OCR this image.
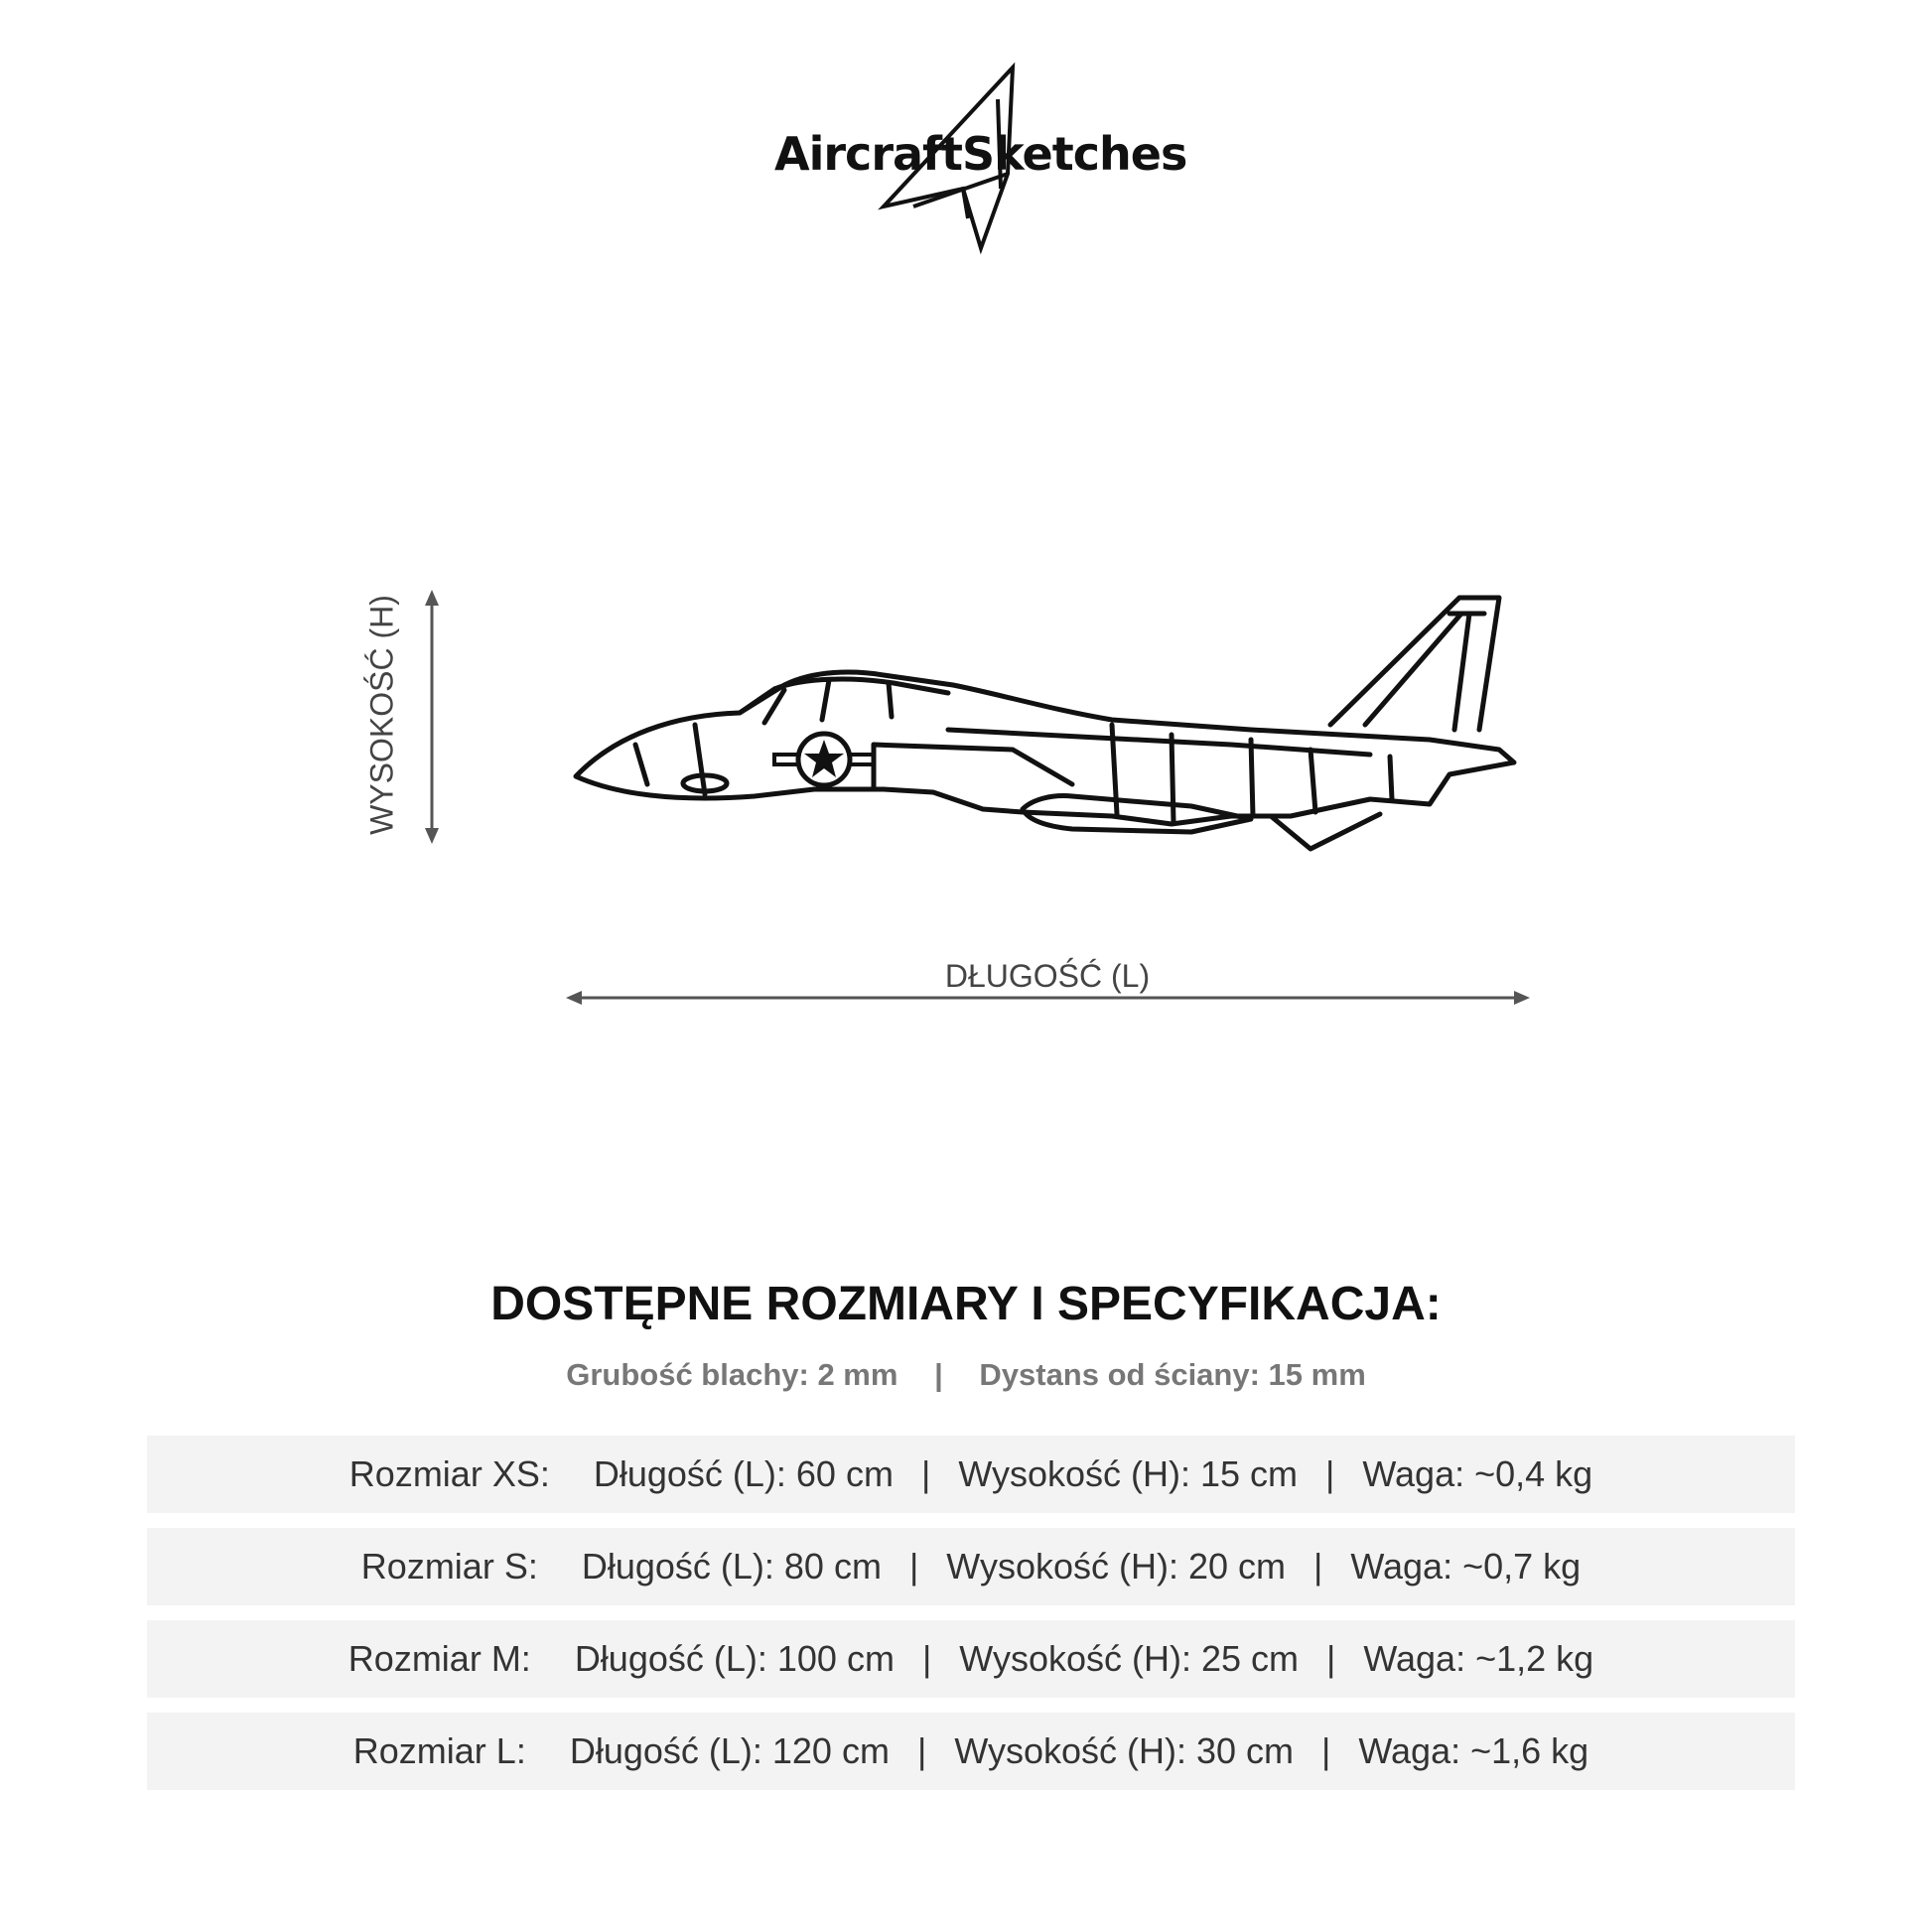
AircraftSketches
WYSOKOŚĆ (H)
DŁUGOŚĆ (L)
DOSTĘPNE ROZMIARY I SPECYFIKACJA:
Grubość blachy: 2 mm | Dystans od ściany: 15 mm
Rozmiar XS: Długość (L): 60 cm | Wysokość (H): 15 cm | Waga: ~0,4 kg
Rozmiar S: Długość (L): 80 cm | Wysokość (H): 20 cm | Waga: ~0,7 kg
Rozmiar M: Długość (L): 100 cm | Wysokość (H): 25 cm | Waga: ~1,2 kg
Rozmiar L: Długość (L): 120 cm | Wysokość (H): 30 cm | Waga: ~1,6 kg
